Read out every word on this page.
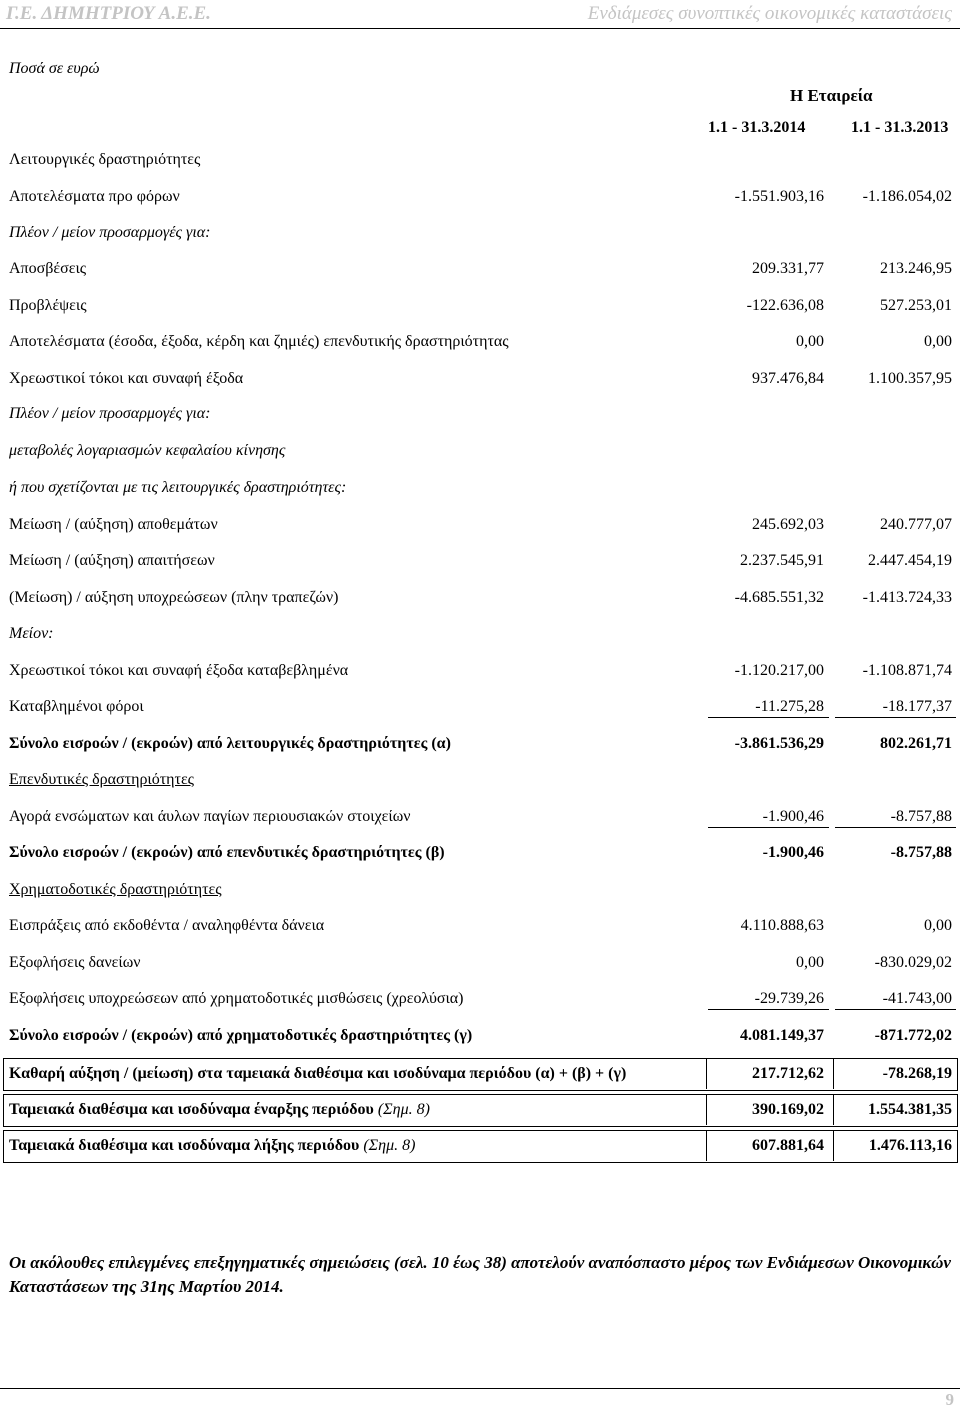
Γ.Ε. ΔΗΜΗΤΡΙΟΥ Α.Ε.Ε.	Ενδιάμεσες συνοπτικές οικονομικές καταστάσεις
Ποσά σε ευρώ
Η Εταιρεία
1.1 - 31.3.2014	1.1 - 31.3.2013
Λειτουργικές δραστηριότητες
Αποτελέσματα προ φόρων	-1.551.903,16 -1.186.054,02
Πλέον / μείον προσαρμογές για:
Αποσβέσεις	209.331,77	213.246,95
Προβλέψεις	-122.636,08	527.253,01
Αποτελέσματα (έσοδα, έξοδα, κέρδη και ζημιές) επενδυτικής δραστηριότητας	0,00	0,00
Χρεωστικοί τόκοι και συναφή έξοδα	937.476,84	1.100.357,95
Πλέον / μείον προσαρμογές για:
μεταβολές λογαριασμών κεφαλαίου κίνησης
ή που σχετίζονται με τις λειτουργικές δραστηριότητες:
Μείωση / (αύξηση) αποθεμάτων	245.692,03	240.777,07
Μείωση / (αύξηση) απαιτήσεων	2.237.545,91	2.447.454,19
(Μείωση) / αύξηση υποχρεώσεων (πλην τραπεζών)	-4.685.551,32 -1.413.724,33
Μείον:
Χρεωστικοί τόκοι και συναφή έξοδα καταβεβλημένα	-1.120.217,00 -1.108.871,74
Καταβλημένοι φόροι	-11.275,28	-18.177,37
Σύνολο εισροών / (εκροών) από λειτουργικές δραστηριότητες (α)	-3.861.536,29	802.261,71
Επενδυτικές δραστηριότητες
Αγορά ενσώματων και άυλων παγίων περιουσιακών στοιχείων	-1.900,46	-8.757,88
Σύνολο εισροών / (εκροών) από επενδυτικές δραστηριότητες (β)	-1.900,46	-8.757,88
Χρηματοδοτικές δραστηριότητες
Εισπράξεις από εκδοθέντα / αναληφθέντα δάνεια	4.110.888,63	0,00
Εξοφλήσεις δανείων	0,00	-830.029,02
Εξοφλήσεις υποχρεώσεων από χρηματοδοτικές μισθώσεις (χρεολύσια)	-29.739,26	-41.743,00
Σύνολο εισροών / (εκροών) από χρηματοδοτικές δραστηριότητες (γ)	4.081.149,37	-871.772,02
Καθαρή αύξηση / (μείωση) στα ταμειακά διαθέσιμα και ισοδύναμα περιόδου (α) + (β) + (γ)	217.712,62	-78.268,19
Ταμειακά διαθέσιμα και ισοδύναμα έναρξης περιόδου (Σημ. 8)	390.169,02	1.554.381,35
Ταμειακά διαθέσιμα και ισοδύναμα λήξης περιόδου (Σημ. 8)	607.881,64	1.476.113,16
Οι ακόλουθες επιλεγμένες επεξηγηματικές σημειώσεις (σελ. 10 έως 38) αποτελούν αναπόσπαστο μέρος των Ενδιάμεσων Οικονομικών Καταστάσεων της 31ης Μαρτίου 2014.
9
